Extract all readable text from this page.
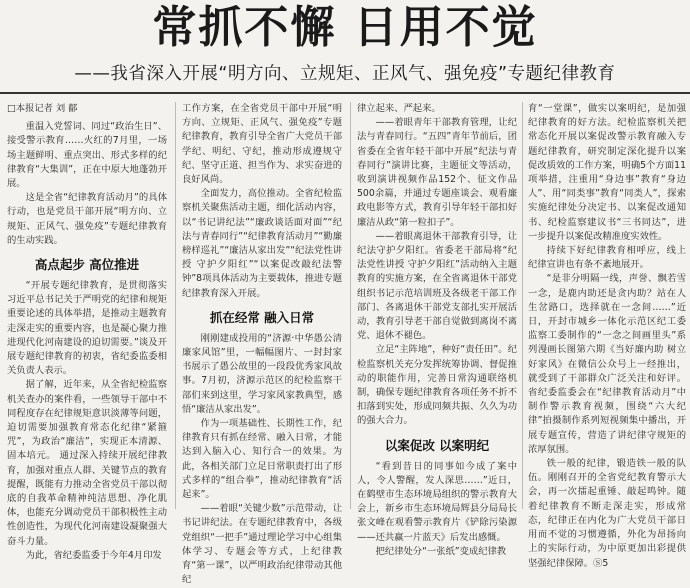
常抓不懈 日用不觉
——我省深入开展“明方向、立规矩、正风气、强免疫”专题纪律教育
□本报记者 刘 鄐

重温入党誓词、同过“政治生日”、接受警示教育……火红的7月里，一场场主题鲜明、重点突出、形式多样的纪律教育“大集训”，正在中原大地蓬勃开展。

这是全省“纪律教育活动月”的具体行动，也是党员干部开展“明方向、立规矩、正风气、强免疫”专题纪律教育的生动实践。

高点起步 高位推进

“开展专题纪律教育，是贯彻落实习近平总书记关于严明党的纪律和规矩重要论述的具体举措，是推动主题教育走深走实的重要内容，也是凝心聚力推进现代化河南建设的迫切需要。”谈及开展专题纪律教育的初衷，省纪委监委相关负责人表示。

据了解，近年来，从全省纪检监察机关查办的案件看，一些领导干部中不同程度存在纪律规矩意识淡薄等问题，迫切需要加强教育常态化纪律“紧箍咒”，为政治“廉洁”，实现正本清源、固本培元。 通过深入持续开展纪律教育，加强对重点人群、关键节点的教育提醒，既能有力推动全省党员干部以彻底的自我革命精神纯洁思想、净化肌体，也能充分调动党员干部积极性主动性创造性，为现代化河南建设凝聚强大奋斗力量。

为此，省纪委监委于今年4月印发

工作方案，在全省党员干部中开展“明方向、立规矩、正风气、强免疫”专题纪律教育，教育引导全省广大党员干部学纪、明纪、守纪，推动形成遵规守纪、坚守正道、担当作为、求实奋进的良好风尚。

全面发力，高位推动。全省纪检监察机关聚焦活动主题，细化活动内容，以“书记讲纪法”“廉政谈话面对面”“纪法与青春同行”“纪律教育活动月”“勤廉榜样巡礼”“廉洁从家出发”“纪法党性讲授 守护夕阳红”“以案促改敲纪法警钟”8项具体活动为主要载体，推进专题纪律教育深入开展。

抓在经常 融入日常

刚刚建成投用的“济源·中华愚公清廉家风馆”里，一幅幅图片、一封封家书展示了愚公故里的一段段优秀家风故事。7月初，济源示范区的纪检监察干部们来到这里，学习家风家教典型，感悟“廉洁从家出发”。

作为一项基础性、长期性工作，纪律教育只有抓在经常、融入日常，才能达到入脑入心、知行合一的效果。为此，各相关部门立足日常职责打出了形式多样的“组合拳”，推动纪律教育“活起来”。

——着眼“关键少数”示范带动，让书记讲纪法。在专题纪律教育中，各级党组织“一把手”通过理论学习中心组集体学习、专题会等方式，上纪律教育“第一课”，以严明政治纪律带动其他纪

律立起来、严起来。

——着眼青年干部教育管理，让纪法与青春同行。“五四”青年节前后，团省委在全省年轻干部中开展“纪法与青春同行”演讲比赛，主题征文等活动，收到演讲视频作品152个、征文作品500余篇，并通过专题座谈会、观看廉政电影等方式，教育引导年轻干部扣好廉洁从政“第一粒扣子”。

——着眼离退休干部教育引导，让纪法守护夕阳红。省委老干部局将“纪法党性讲授 守护夕阳红”活动纳入主题教育的实施方案，在全省离退休干部党组织书记示范培训班及各级老干部工作部门、各离退休干部党支部扎实开展活动，教育引导老干部自觉做到离岗不离党、退休不褪色。

立足“主阵地”，种好“责任田”。纪检监察机关充分发挥统筹协调、督促推动的职能作用，完善日常沟通联络机制，确保专题纪律教育各项任务不折不扣落到实处，形成同频共振、久久为功的强大合力。

以案促改 以案明纪

“看到昔日的同事如今成了案中人，令人警醒，发人深思……”近日，在鹤壁市生态环境局组织的警示教育大会上，新乡市生态环境局辉县分局局长张文峰在观看警示教育片《铲除污染源——还共赢一片蓝天》后发出感慨。

把纪律处分“一张纸”变成纪律教

育“一堂课”，做实以案明纪，是加强纪律教育的好方法。纪检监察机关把常态化开展以案促改警示教育融入专题纪律教育，研究制定深化提升以案促改质效的工作方案，明确5个方面11项举措，注重用“身边事”教育“身边人”、用“同类事”教育“同类人”，探索实施纪律处分决定书、以案促改通知书、纪检监察建议书“三书同达”，进一步提升以案促改精准度实效性。

持续下好纪律教育相呼应，线上纪律宣讲也有条不紊地展开。

“是非分明隔一线，声誉、飘若雪一念，是鹿内助还是贪内助？站在人生岔路口，选择就在一念间……”近日，开封市城乡一体化示范区纪工委监察工委制作的“一念之间画里头”系列漫画长图第六期《当好廉内助 树立好家风》在微信公众号上一经推出，就受到了干部群众广泛关注和好评。省纪委监委会在“纪律教育活动月”中制作警示教育视频，围绕“六大纪律”拍摄制作系列短视频集中播出，开展专题宣传，营造了讲纪律守规矩的浓厚氛围。

铁一般的纪律，锻造铁一般的队伍。刚刚召开的全省党纪教育警示大会，再一次擂起重锤、敲起鸣钟。随着纪律教育不断走深走实，形成常态，纪律正在内化为广大党员干部日用而不觉的习惯遵循，外化为昂扬向上的实际行动，为中原更加出彩提供坚强纪律保障。Ⓢ5
